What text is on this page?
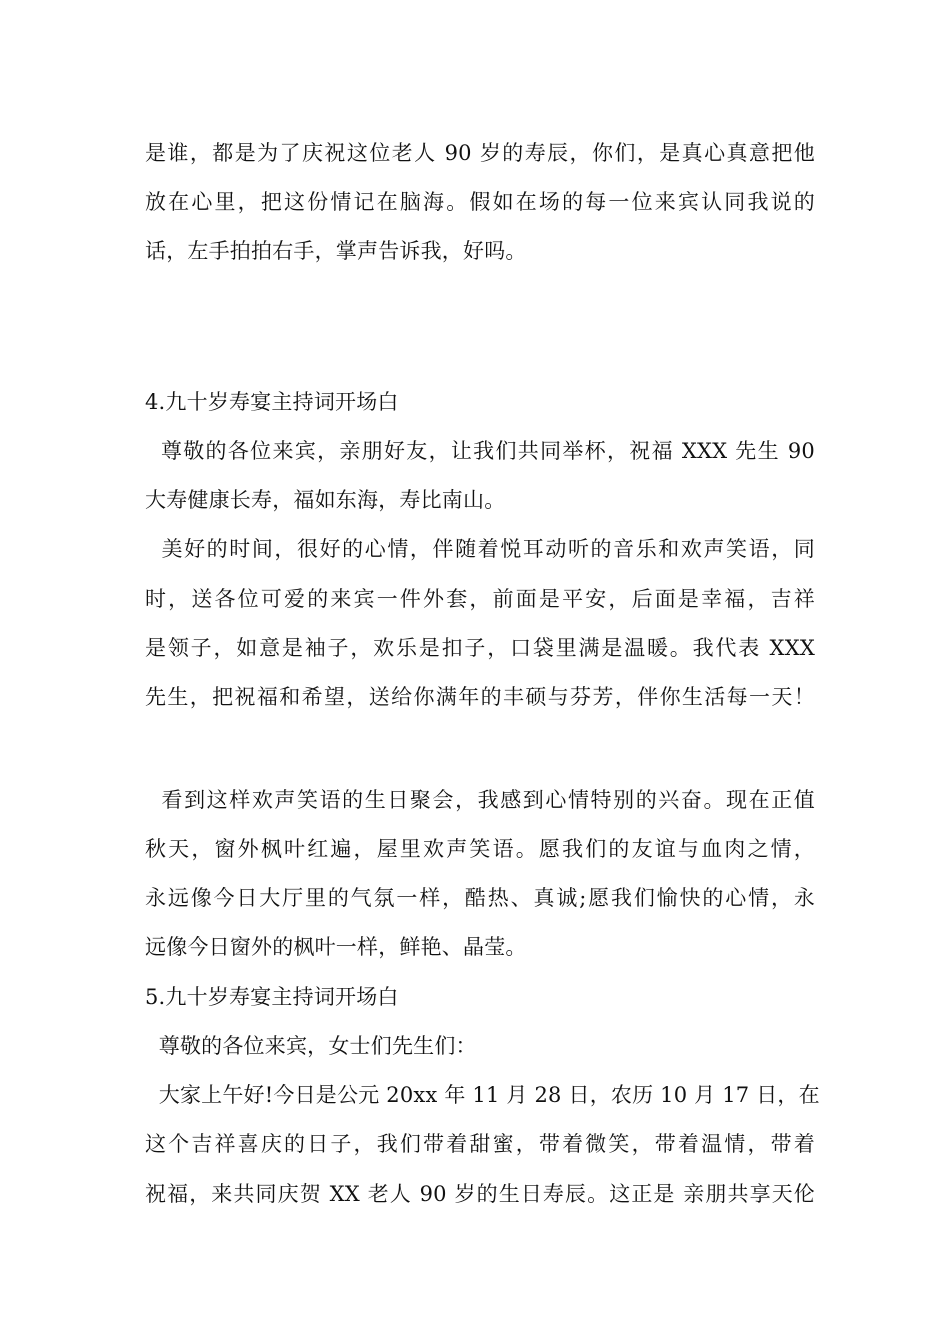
是谁，都是为了庆祝这位老人 90 岁的寿辰，你们，是真心真意把他
放在心里，把这份情记在脑海。假如在场的每一位来宾认同我说的
话，左手拍拍右手，掌声告诉我，好吗。
4.九十岁寿宴主持词开场白
尊敬的各位来宾，亲朋好友，让我们共同举杯，祝福 XXX 先生 90
大寿健康长寿，福如东海，寿比南山。
美好的时间，很好的心情，伴随着悦耳动听的音乐和欢声笑语，同
时，送各位可爱的来宾一件外套，前面是平安，后面是幸福，吉祥
是领子，如意是袖子，欢乐是扣子，口袋里满是温暖。我代表 XXX
先生，把祝福和希望，送给你满年的丰硕与芬芳，伴你生活每一天！
看到这样欢声笑语的生日聚会，我感到心情特别的兴奋。现在正值
秋天，窗外枫叶红遍，屋里欢声笑语。愿我们的友谊与血肉之情，
永远像今日大厅里的气氛一样，酷热、真诚;愿我们愉快的心情，永
远像今日窗外的枫叶一样，鲜艳、晶莹。
5.九十岁寿宴主持词开场白
尊敬的各位来宾，女士们先生们：
大家上午好!今日是公元 20xx 年 11 月 28 日，农历 10 月 17 日，在
这个吉祥喜庆的日子，我们带着甜蜜，带着微笑，带着温情，带着
祝福，来共同庆贺 XX 老人 90 岁的生日寿辰。这正是 亲朋共享天伦
